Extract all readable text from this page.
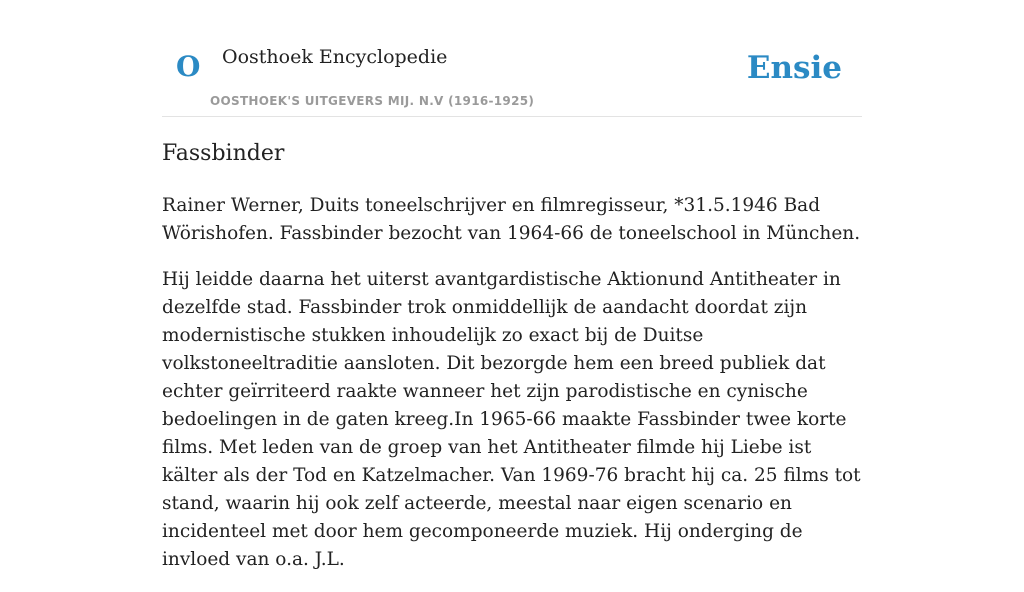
O Oosthoek Encyclopedie
OOSTHOEK'S UITGEVERS MIJ. N.V (1916-1925)
Ensie
Fassbinder

Rainer Werner, Duits toneelschrijver en filmregisseur, *31.5.1946 Bad Wörishofen. Fassbinder bezocht van 1964-66 de toneelschool in München.

Hij leidde daarna het uiterst avantgardistische Aktionund Antitheater in dezelfde stad. Fassbinder trok onmiddellijk de aandacht doordat zijn modernistische stukken inhoudelijk zo exact bij de Duitse volkstoneeltraditie aansloten. Dit bezorgde hem een breed publiek dat echter geïrriteerd raakte wanneer het zijn parodistische en cynische bedoelingen in de gaten kreeg.In 1965-66 maakte Fassbinder twee korte films. Met leden van de groep van het Antitheater filmde hij Liebe ist kälter als der Tod en Katzelmacher. Van 1969-76 bracht hij ca. 25 films tot stand, waarin hij ook zelf acteerde, meestal naar eigen scenario en incidenteel met door hem gecomponeerde muziek. Hij onderging de invloed van o.a. J.L.
